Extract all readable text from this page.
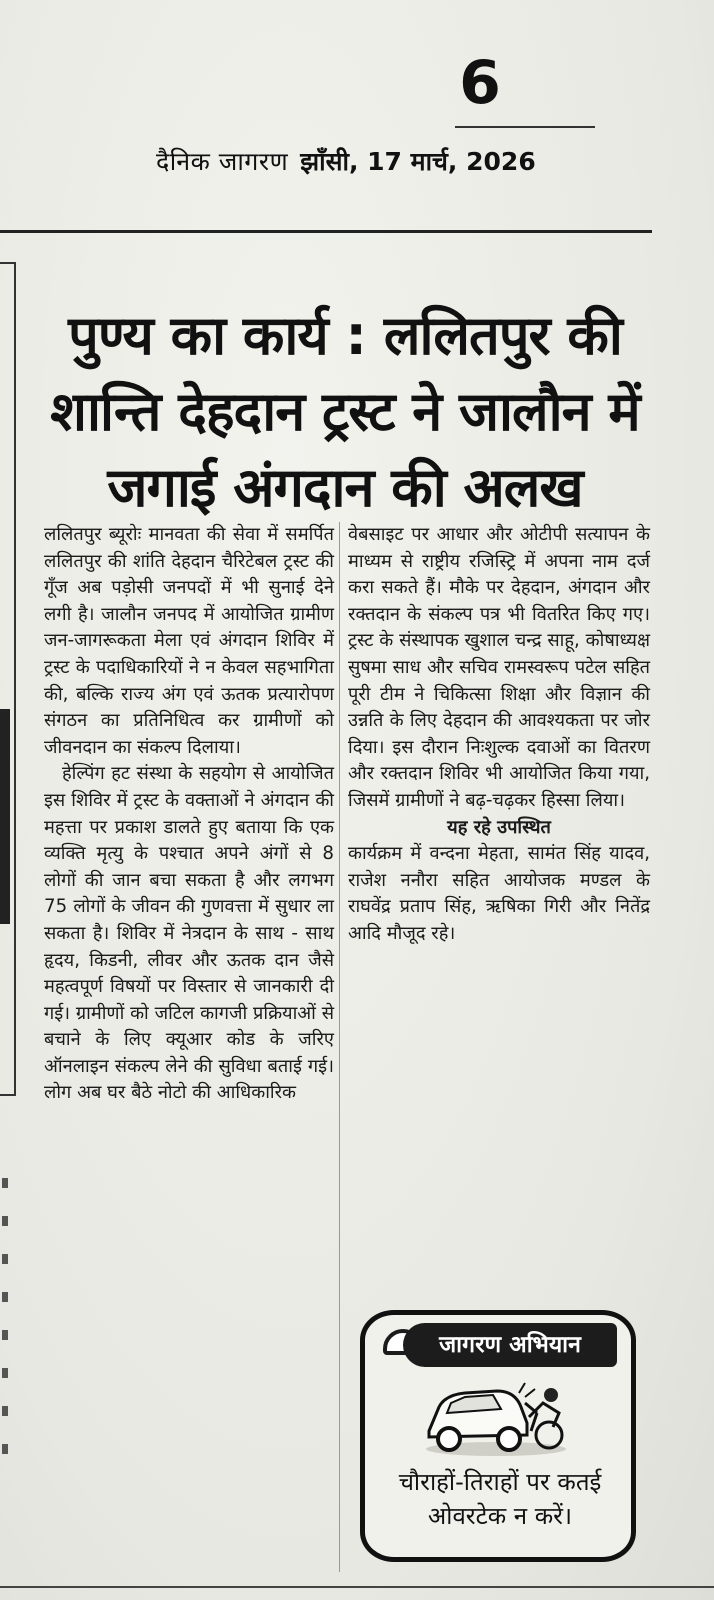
6
दैनिक जागरण झाँसी, 17 मार्च, 2026
पुण्य का कार्य : ललितपुर की शान्ति देहदान ट्रस्ट ने जालौन में जगाई अंगदान की अलख

ललितपुर ब्यूरोः मानवता की सेवा में समर्पित ललितपुर की शांति देहदान चैरिटेबल ट्रस्ट की गूँज अब पड़ोसी जनपदों में भी सुनाई देने लगी है। जालौन जनपद में आयोजित ग्रामीण जन-जागरूकता मेला एवं अंगदान शिविर में ट्रस्ट के पदाधिकारियों ने न केवल सहभागिता की, बल्कि राज्य अंग एवं ऊतक प्रत्यारोपण संगठन का प्रतिनिधित्व कर ग्रामीणों को जीवनदान का संकल्प दिलाया।

हेल्पिंग हट संस्था के सहयोग से आयोजित इस शिविर में ट्रस्ट के वक्ताओं ने अंगदान की महत्ता पर प्रकाश डालते हुए बताया कि एक व्यक्ति मृत्यु के पश्चात अपने अंगों से 8 लोगों की जान बचा सकता है और लगभग 75 लोगों के जीवन की गुणवत्ता में सुधार ला सकता है। शिविर में नेत्रदान के साथ - साथ हृदय, किडनी, लीवर और ऊतक दान जैसे महत्वपूर्ण विषयों पर विस्तार से जानकारी दी गई। ग्रामीणों को जटिल कागजी प्रक्रियाओं से बचाने के लिए क्यूआर कोड के जरिए ऑनलाइन संकल्प लेने की सुविधा बताई गई। लोग अब घर बैठे नोटो की आधिकारिक

वेबसाइट पर आधार और ओटीपी सत्यापन के माध्यम से राष्ट्रीय रजिस्ट्रि में अपना नाम दर्ज करा सकते हैं। मौके पर देहदान, अंगदान और रक्तदान के संकल्प पत्र भी वितरित किए गए। ट्रस्ट के संस्थापक खुशाल चन्द्र साहू, कोषाध्यक्ष सुषमा साध और सचिव रामस्वरूप पटेल सहित पूरी टीम ने चिकित्सा शिक्षा और विज्ञान की उन्नति के लिए देहदान की आवश्यकता पर जोर दिया। इस दौरान निःशुल्क दवाओं का वितरण और रक्तदान शिविर भी आयोजित किया गया, जिसमें ग्रामीणों ने बढ़-चढ़कर हिस्सा लिया।

यह रहे उपस्थित

कार्यक्रम में वन्दना मेहता, सामंत सिंह यादव, राजेश ननौरा सहित आयोजक मण्डल के राघवेंद्र प्रताप सिंह, ऋषिका गिरी और नितेंद्र आदि मौजूद रहे।

जागरण अभियान
चौराहों-तिराहों पर कतई ओवरटेक न करें।
